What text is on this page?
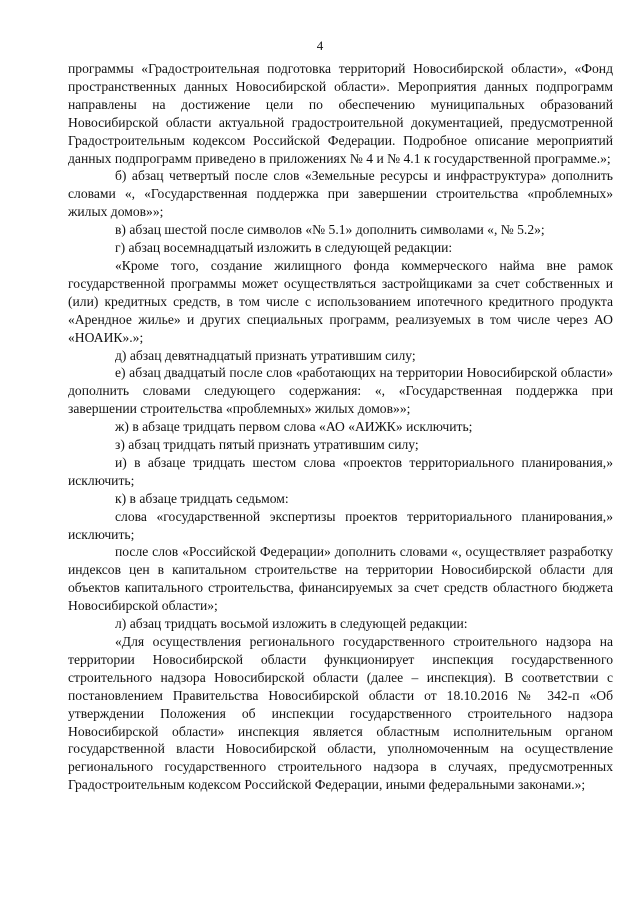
4

программы «Градостроительная подготовка территорий Новосибирской области», «Фонд пространственных данных Новосибирской области». Мероприятия данных подпрограмм направлены на достижение цели по обеспечению муниципальных образований Новосибирской области актуальной градостроительной документацией, предусмотренной Градостроительным кодексом Российской Федерации. Подробное описание мероприятий данных подпрограмм приведено в приложениях № 4 и № 4.1 к государственной программе.»;

б) абзац четвертый после слов «Земельные ресурсы и инфраструктура» дополнить словами «, «Государственная поддержка при завершении строительства «проблемных» жилых домов»»;

в) абзац шестой после символов «№ 5.1» дополнить символами «, № 5.2»;

г) абзац восемнадцатый изложить в следующей редакции:

«Кроме того, создание жилищного фонда коммерческого найма вне рамок государственной программы может осуществляться застройщиками за счет собственных и (или) кредитных средств, в том числе с использованием ипотечного кредитного продукта «Арендное жилье» и других специальных программ, реализуемых в том числе через АО «НОАИК».»;

д) абзац девятнадцатый признать утратившим силу;

е) абзац двадцатый после слов «работающих на территории Новосибирской области» дополнить словами следующего содержания: «, «Государственная поддержка при завершении строительства «проблемных» жилых домов»»;

ж) в абзаце тридцать первом слова «АО «АИЖК» исключить;

з) абзац тридцать пятый признать утратившим силу;

и) в абзаце тридцать шестом слова «проектов территориального планирования,» исключить;

к) в абзаце тридцать седьмом:

слова «государственной экспертизы проектов территориального планирования,» исключить;

после слов «Российской Федерации» дополнить словами «, осуществляет разработку индексов цен в капитальном строительстве на территории Новосибирской области для объектов капитального строительства, финансируемых за счет средств областного бюджета Новосибирской области»;

л) абзац тридцать восьмой изложить в следующей редакции:

«Для осуществления регионального государственного строительного надзора на территории Новосибирской области функционирует инспекция государственного строительного надзора Новосибирской области (далее – инспекция). В соответствии с постановлением Правительства Новосибирской области от 18.10.2016 № 342-п «Об утверждении Положения об инспекции государственного строительного надзора Новосибирской области» инспекция является областным исполнительным органом государственной власти Новосибирской области, уполномоченным на осуществление регионального государственного строительного надзора в случаях, предусмотренных Градостроительным кодексом Российской Федерации, иными федеральными законами.»;
